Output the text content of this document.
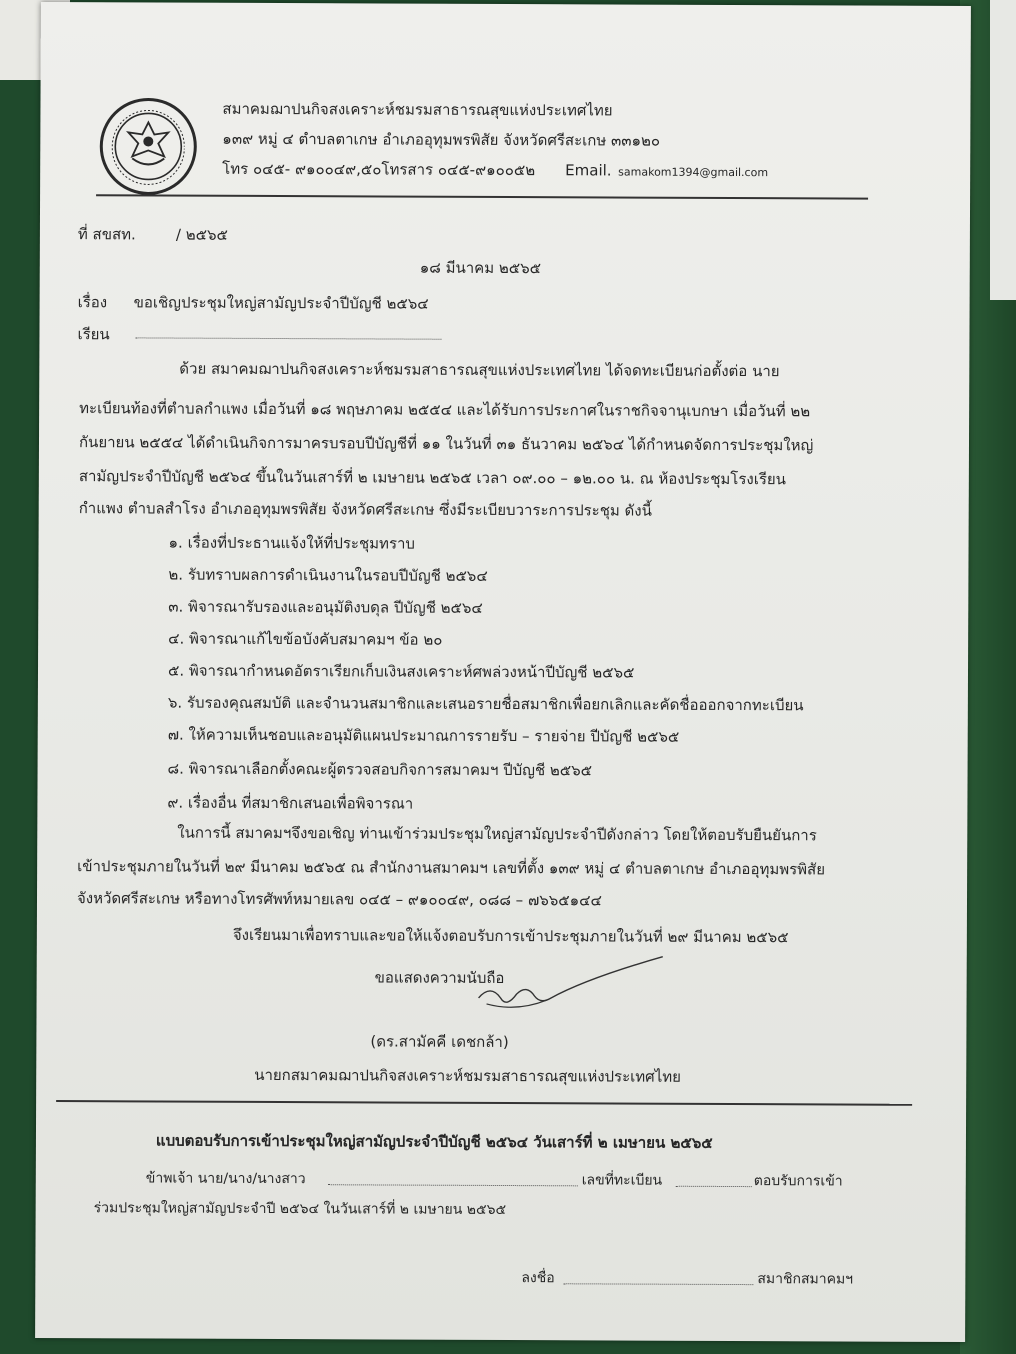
สมาคมฌาปนกิจสงเคราะห์ชมรมสาธารณสุขแห่งประเทศไทย
๑๓๙ หมู่ ๔ ตำบลตาเกษ อำเภออุทุมพรพิสัย จังหวัดศรีสะเกษ ๓๓๑๒๐
โทร ๐๔๕- ๙๑๐๐๔๙,๕๐โทรสาร ๐๔๕-๙๑๐๐๕๒ Email. samakom1394@gmail.com
ที่ สขสท.	/ ๒๕๖๕
๑๘ มีนาคม ๒๕๖๕
เรื่อง ขอเชิญประชุมใหญ่สามัญประจำปีบัญชี ๒๕๖๔
เรียน
ด้วย สมาคมฌาปนกิจสงเคราะห์ชมรมสาธารณสุขแห่งประเทศไทย ได้จดทะเบียนก่อตั้งต่อ นาย
ทะเบียนท้องที่ตำบลกำแพง เมื่อวันที่ ๑๘ พฤษภาคม ๒๕๕๔ และได้รับการประกาศในราชกิจจานุเบกษา เมื่อวันที่ ๒๒
กันยายน ๒๕๕๔ ได้ดำเนินกิจการมาครบรอบปีบัญชีที่ ๑๑ ในวันที่ ๓๑ ธันวาคม ๒๕๖๔ ได้กำหนดจัดการประชุมใหญ่
สามัญประจำปีบัญชี ๒๕๖๔ ขึ้นในวันเสาร์ที่ ๒ เมษายน ๒๕๖๕ เวลา ๐๙.๐๐ – ๑๒.๐๐ น. ณ ห้องประชุมโรงเรียน
กำแพง ตำบลสำโรง อำเภออุทุมพรพิสัย จังหวัดศรีสะเกษ ซึ่งมีระเบียบวาระการประชุม ดังนี้
๑. เรื่องที่ประธานแจ้งให้ที่ประชุมทราบ
๒. รับทราบผลการดำเนินงานในรอบปีบัญชี ๒๕๖๔
๓. พิจารณารับรองและอนุมัติงบดุล ปีบัญชี ๒๕๖๔
๔. พิจารณาแก้ไขข้อบังคับสมาคมฯ ข้อ ๒๐
๕. พิจารณากำหนดอัตราเรียกเก็บเงินสงเคราะห์ศพล่วงหน้าปีบัญชี ๒๕๖๕
๖. รับรองคุณสมบัติ และจำนวนสมาชิกและเสนอรายชื่อสมาชิกเพื่อยกเลิกและคัดชื่อออกจากทะเบียน
๗. ให้ความเห็นชอบและอนุมัติแผนประมาณการรายรับ – รายจ่าย ปีบัญชี ๒๕๖๕
๘. พิจารณาเลือกตั้งคณะผู้ตรวจสอบกิจการสมาคมฯ ปีบัญชี ๒๕๖๕
๙. เรื่องอื่น ที่สมาชิกเสนอเพื่อพิจารณา
ในการนี้ สมาคมฯจึงขอเชิญ ท่านเข้าร่วมประชุมใหญ่สามัญประจำปีดังกล่าว โดยให้ตอบรับยืนยันการ
เข้าประชุมภายในวันที่ ๒๙ มีนาคม ๒๕๖๕ ณ สำนักงานสมาคมฯ เลขที่ตั้ง ๑๓๙ หมู่ ๔ ตำบลตาเกษ อำเภออุทุมพรพิสัย
จังหวัดศรีสะเกษ หรือทางโทรศัพท์หมายเลข ๐๔๕ – ๙๑๐๐๔๙, ๐๘๘ – ๗๖๖๕๑๔๔
จึงเรียนมาเพื่อทราบและขอให้แจ้งตอบรับการเข้าประชุมภายในวันที่ ๒๙ มีนาคม ๒๕๖๕
ขอแสดงความนับถือ
(ดร.สามัคคี เดชกล้า)
นายกสมาคมฌาปนกิจสงเคราะห์ชมรมสาธารณสุขแห่งประเทศไทย
แบบตอบรับการเข้าประชุมใหญ่สามัญประจำปีบัญชี ๒๕๖๔ วันเสาร์ที่ ๒ เมษายน ๒๕๖๕
ข้าพเจ้า นาย/นาง/นางสาว	เลขที่ทะเบียน	ตอบรับการเข้า
ร่วมประชุมใหญ่สามัญประจำปี ๒๕๖๔ ในวันเสาร์ที่ ๒ เมษายน ๒๕๖๕
ลงชื่อ	สมาชิกสมาคมฯ
